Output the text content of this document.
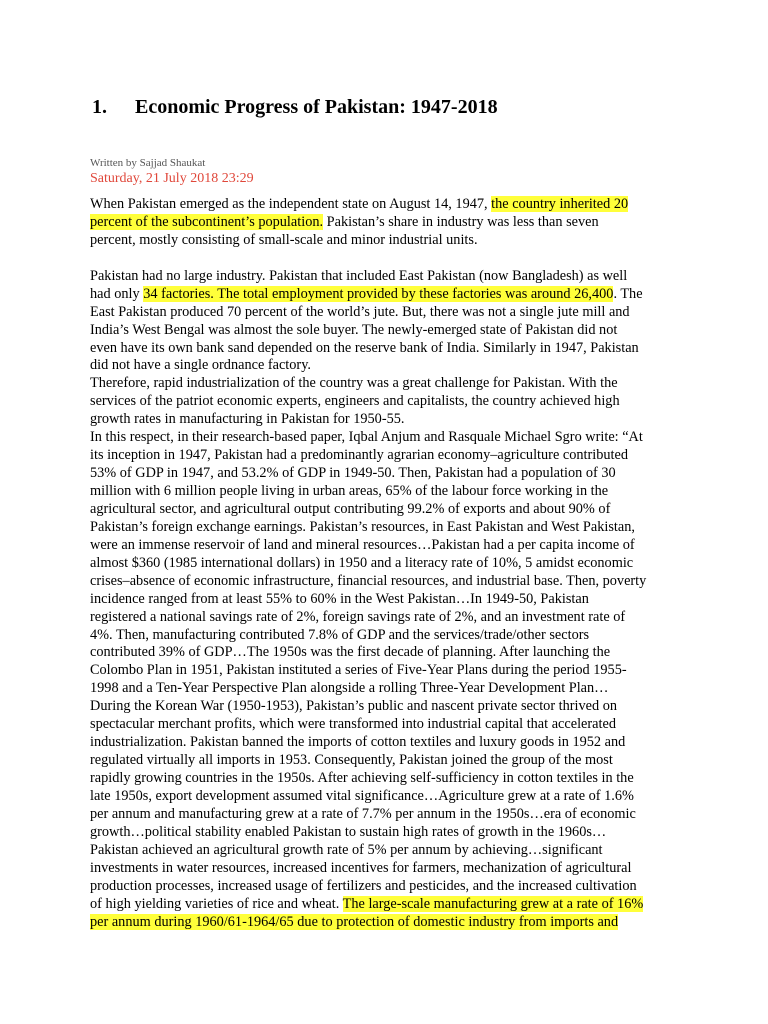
1. Economic Progress of Pakistan: 1947-2018
Written by Sajjad Shaukat
Saturday, 21 July 2018 23:29
When Pakistan emerged as the independent state on August 14, 1947, the country inherited 20
percent of the subcontinent’s population. Pakistan’s share in industry was less than seven
percent, mostly consisting of small-scale and minor industrial units.
Pakistan had no large industry. Pakistan that included East Pakistan (now Bangladesh) as well
had only 34 factories. The total employment provided by these factories was around 26,400. The
East Pakistan produced 70 percent of the world’s jute. But, there was not a single jute mill and
India’s West Bengal was almost the sole buyer. The newly-emerged state of Pakistan did not
even have its own bank sand depended on the reserve bank of India. Similarly in 1947, Pakistan
did not have a single ordnance factory.
Therefore, rapid industrialization of the country was a great challenge for Pakistan. With the
services of the patriot economic experts, engineers and capitalists, the country achieved high
growth rates in manufacturing in Pakistan for 1950-55.
In this respect, in their research-based paper, Iqbal Anjum and Rasquale Michael Sgro write: “At
its inception in 1947, Pakistan had a predominantly agrarian economy–agriculture contributed
53% of GDP in 1947, and 53.2% of GDP in 1949-50. Then, Pakistan had a population of 30
million with 6 million people living in urban areas, 65% of the labour force working in the
agricultural sector, and agricultural output contributing 99.2% of exports and about 90% of
Pakistan’s foreign exchange earnings. Pakistan’s resources, in East Pakistan and West Pakistan,
were an immense reservoir of land and mineral resources…Pakistan had a per capita income of
almost $360 (1985 international dollars) in 1950 and a literacy rate of 10%, 5 amidst economic
crises–absence of economic infrastructure, financial resources, and industrial base. Then, poverty
incidence ranged from at least 55% to 60% in the West Pakistan…In 1949-50, Pakistan
registered a national savings rate of 2%, foreign savings rate of 2%, and an investment rate of
4%. Then, manufacturing contributed 7.8% of GDP and the services/trade/other sectors
contributed 39% of GDP…The 1950s was the first decade of planning. After launching the
Colombo Plan in 1951, Pakistan instituted a series of Five-Year Plans during the period 1955-
1998 and a Ten-Year Perspective Plan alongside a rolling Three-Year Development Plan…
During the Korean War (1950-1953), Pakistan’s public and nascent private sector thrived on
spectacular merchant profits, which were transformed into industrial capital that accelerated
industrialization. Pakistan banned the imports of cotton textiles and luxury goods in 1952 and
regulated virtually all imports in 1953. Consequently, Pakistan joined the group of the most
rapidly growing countries in the 1950s. After achieving self-sufficiency in cotton textiles in the
late 1950s, export development assumed vital significance…Agriculture grew at a rate of 1.6%
per annum and manufacturing grew at a rate of 7.7% per annum in the 1950s…era of economic
growth…political stability enabled Pakistan to sustain high rates of growth in the 1960s…
Pakistan achieved an agricultural growth rate of 5% per annum by achieving…significant
investments in water resources, increased incentives for farmers, mechanization of agricultural
production processes, increased usage of fertilizers and pesticides, and the increased cultivation
of high yielding varieties of rice and wheat. The large-scale manufacturing grew at a rate of 16%
per annum during 1960/61-1964/65 due to protection of domestic industry from imports and
